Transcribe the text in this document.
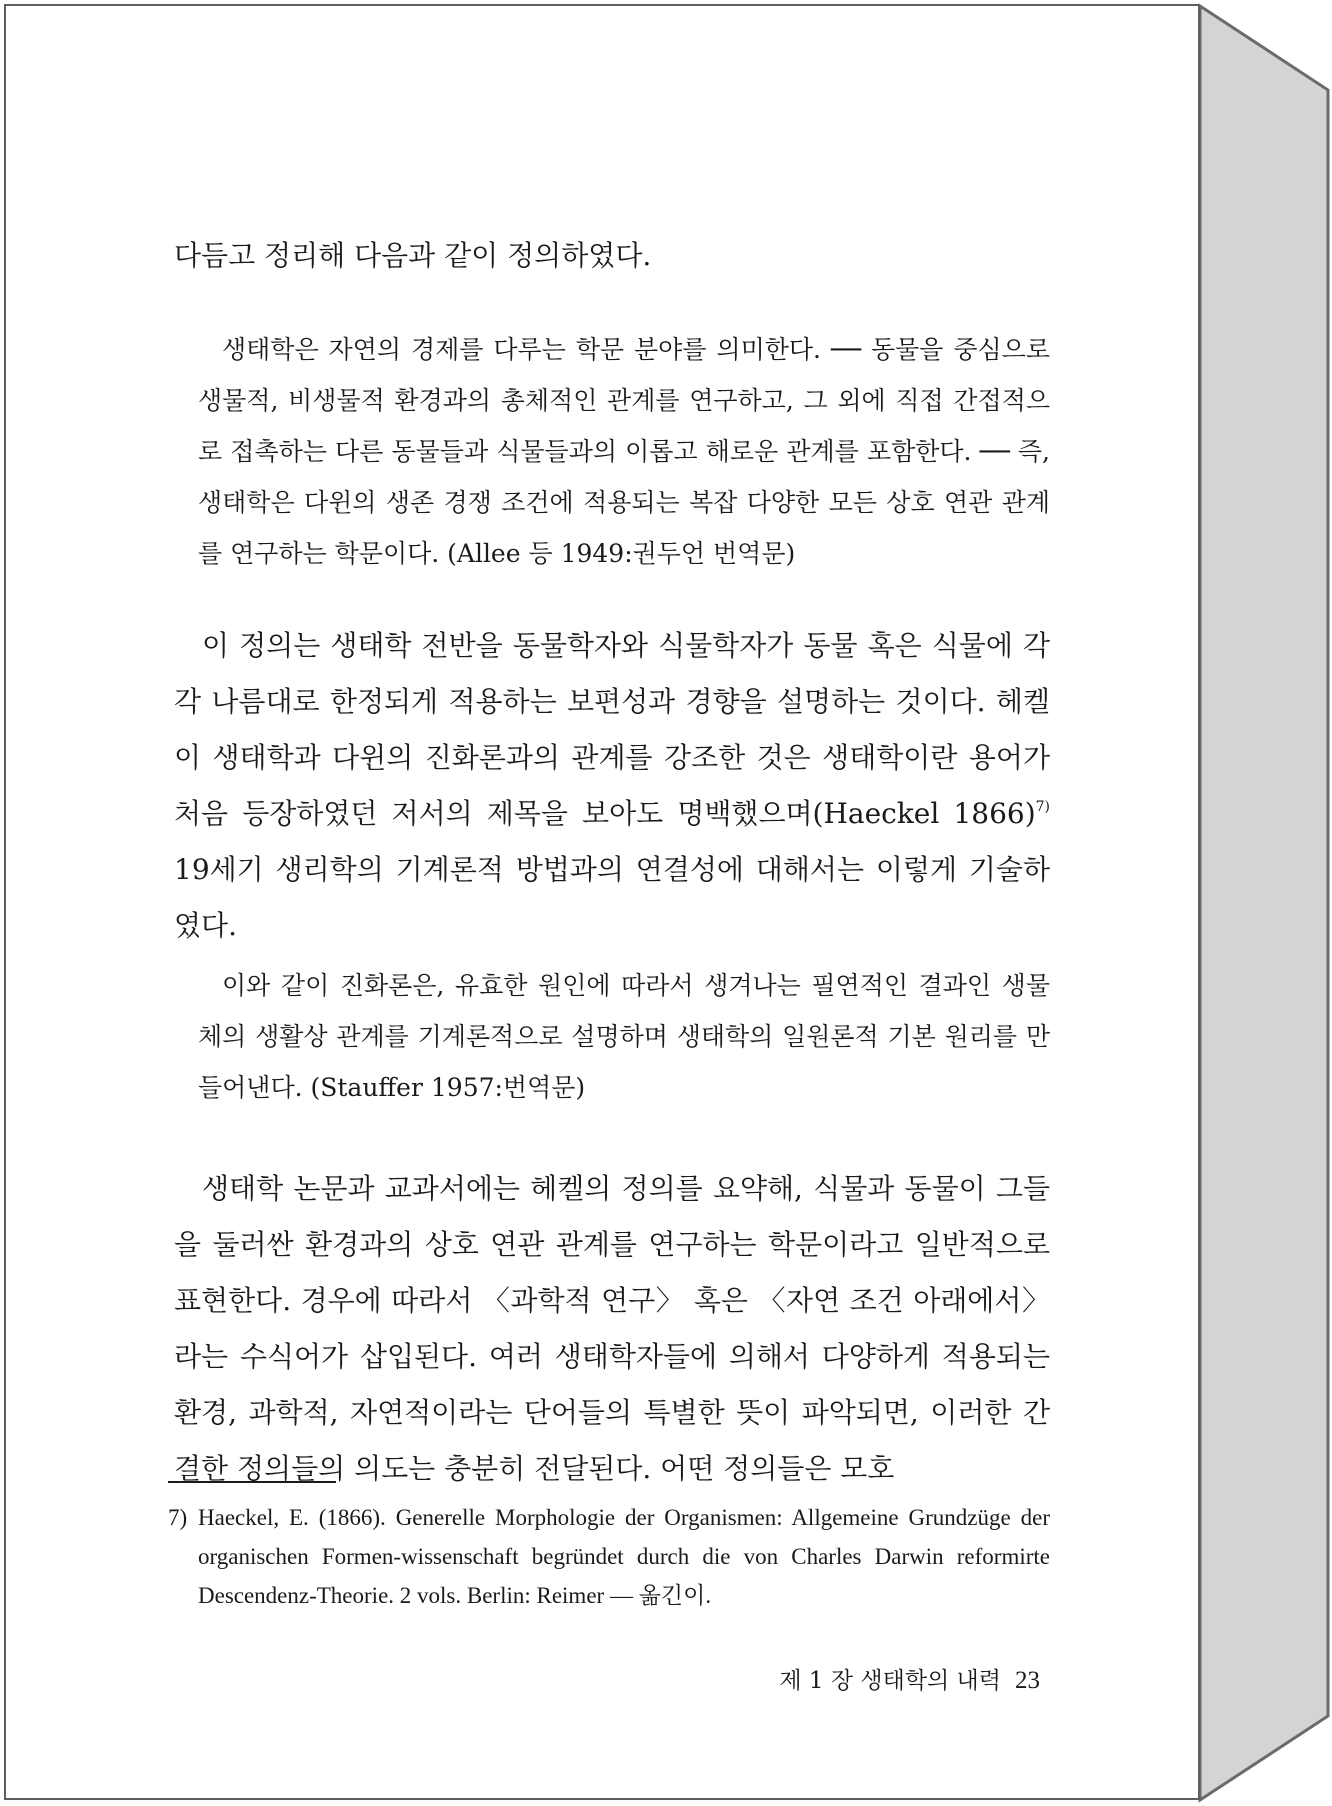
다듬고 정리해 다음과 같이 정의하였다.

생태학은 자연의 경제를 다루는 학문 분야를 의미한다. ── 동물을 중심으로 생물적, 비생물적 환경과의 총체적인 관계를 연구하고, 그 외에 직접 간접적으로 접촉하는 다른 동물들과 식물들과의 이롭고 해로운 관계를 포함한다. ── 즉, 생태학은 다윈의 생존 경쟁 조건에 적용되는 복잡 다양한 모든 상호 연관 관계를 연구하는 학문이다. (Allee 등 1949:권두언 번역문)

이 정의는 생태학 전반을 동물학자와 식물학자가 동물 혹은 식물에 각각 나름대로 한정되게 적용하는 보편성과 경향을 설명하는 것이다. 헤켈이 생태학과 다윈의 진화론과의 관계를 강조한 것은 생태학이란 용어가 처음 등장하였던 저서의 제목을 보아도 명백했으며(Haeckel 1866)$^{7)}$ 19세기 생리학의 기계론적 방법과의 연결성에 대해서는 이렇게 기술하였다.

이와 같이 진화론은, 유효한 원인에 따라서 생겨나는 필연적인 결과인 생물체의 생활상 관계를 기계론적으로 설명하며 생태학의 일원론적 기본 원리를 만들어낸다. (Stauffer 1957:번역문)

생태학 논문과 교과서에는 헤켈의 정의를 요약해, 식물과 동물이 그들을 둘러싼 환경과의 상호 연관 관계를 연구하는 학문이라고 일반적으로 표현한다. 경우에 따라서 〈과학적 연구〉 혹은 〈자연 조건 아래에서〉라는 수식어가 삽입된다. 여러 생태학자들에 의해서 다양하게 적용되는 환경, 과학적, 자연적이라는 단어들의 특별한 뜻이 파악되면, 이러한 간결한 정의들의 의도는 충분히 전달된다. 어떤 정의들은 모호

7) Haeckel, E. (1866). Generelle Morphologie der Organismen: Allgemeine Grundzüge der organischen Formen-wissenschaft begründet durch die von Charles Darwin reformirte Descendenz-Theorie. 2 vols. Berlin: Reimer ― 옮긴이.

제 1 장 생태학의 내력 23
